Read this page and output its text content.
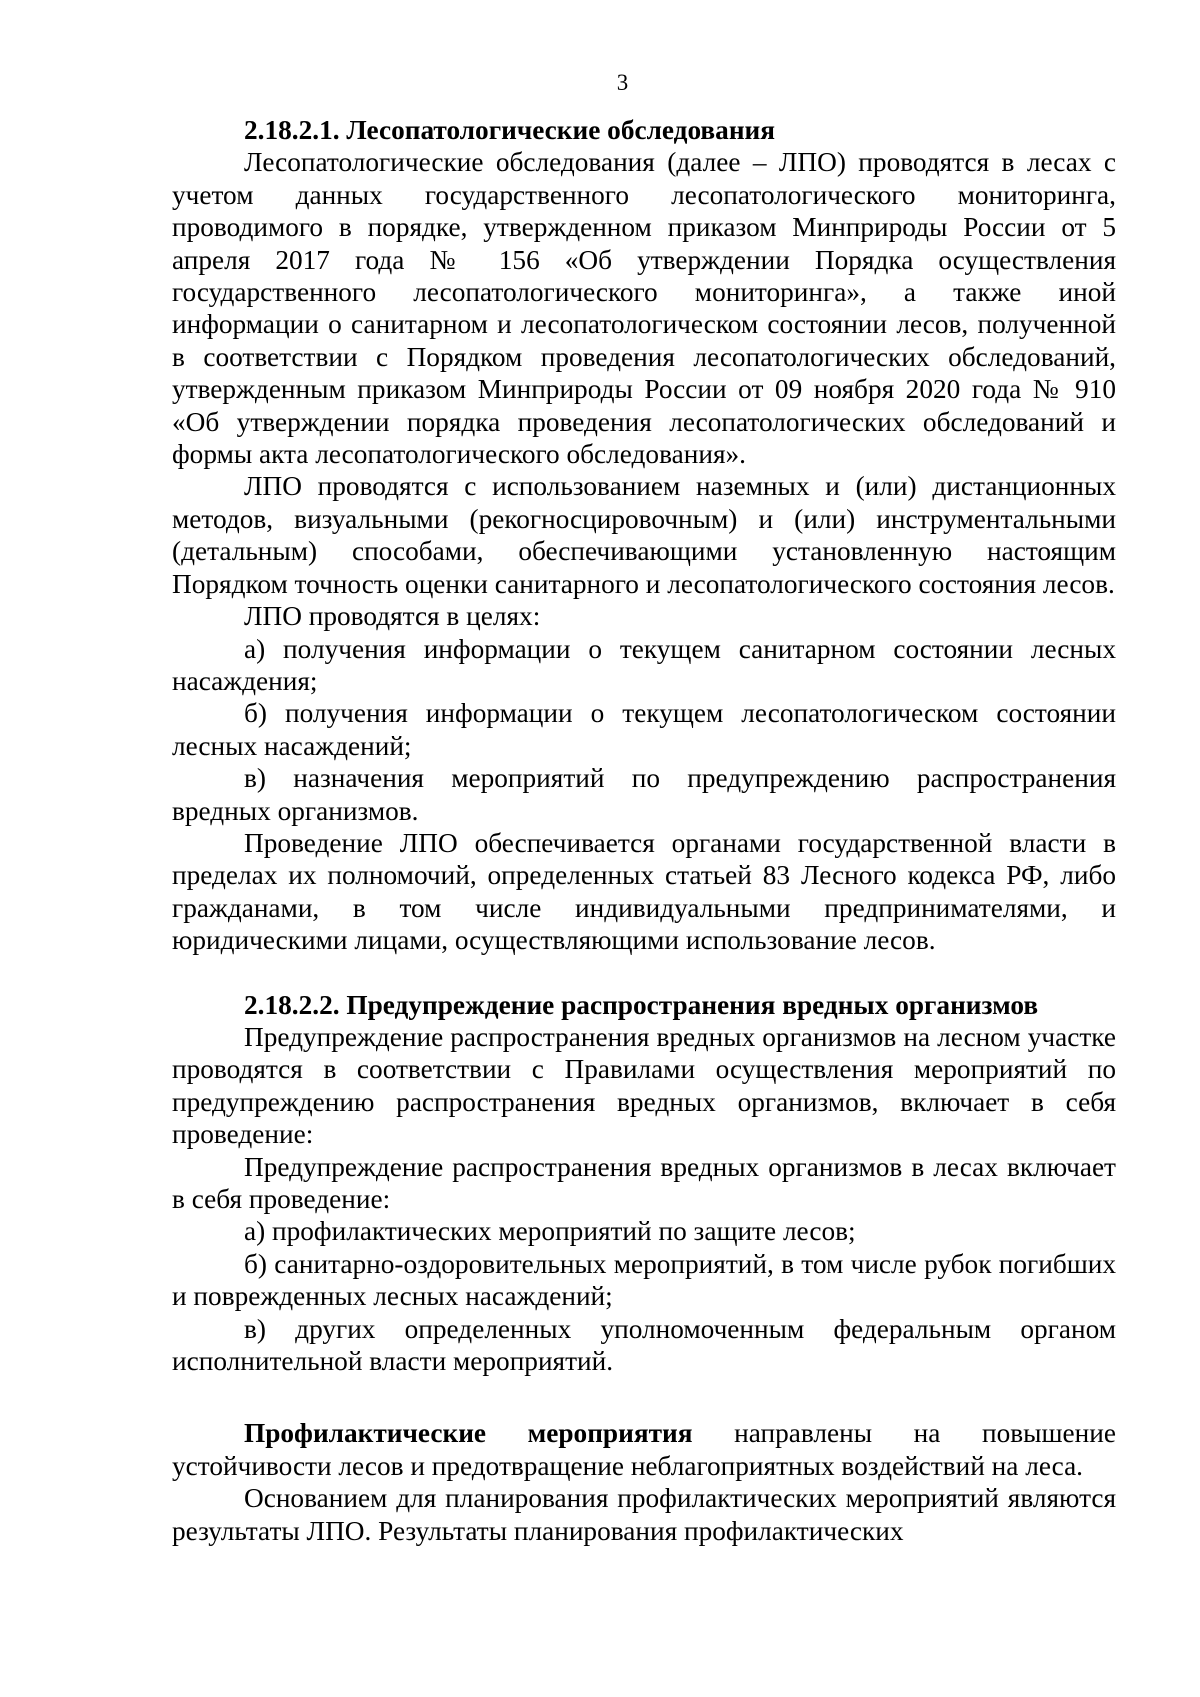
3

2.18.2.1. Лесопатологические обследования

Лесопатологические обследования (далее – ЛПО) проводятся в лесах с учетом данных государственного лесопатологического мониторинга, проводимого в порядке, утвержденном приказом Минприроды России от 5 апреля 2017 года № 156 «Об утверждении Порядка осуществления государственного лесопатологического мониторинга», а также иной информации о санитарном и лесопатологическом состоянии лесов, полученной в соответствии с Порядком проведения лесопатологических обследований, утвержденным приказом Минприроды России от 09 ноября 2020 года № 910 «Об утверждении порядка проведения лесопатологических обследований и формы акта лесопатологического обследования».

ЛПО проводятся с использованием наземных и (или) дистанционных методов, визуальными (рекогносцировочным) и (или) инструментальными (детальным) способами, обеспечивающими установленную настоящим Порядком точность оценки санитарного и лесопатологического состояния лесов.

ЛПО проводятся в целях:

а) получения информации о текущем санитарном состоянии лесных насаждения;

б) получения информации о текущем лесопатологическом состоянии лесных насаждений;

в) назначения мероприятий по предупреждению распространения вредных организмов.

Проведение ЛПО обеспечивается органами государственной власти в пределах их полномочий, определенных статьей 83 Лесного кодекса РФ, либо гражданами, в том числе индивидуальными предпринимателями, и юридическими лицами, осуществляющими использование лесов.

2.18.2.2. Предупреждение распространения вредных организмов

Предупреждение распространения вредных организмов на лесном участке проводятся в соответствии с Правилами осуществления мероприятий по предупреждению распространения вредных организмов, включает в себя проведение:

Предупреждение распространения вредных организмов в лесах включает в себя проведение:

а) профилактических мероприятий по защите лесов;

б) санитарно-оздоровительных мероприятий, в том числе рубок погибших и поврежденных лесных насаждений;

в) других определенных уполномоченным федеральным органом исполнительной власти мероприятий.

Профилактические мероприятия направлены на повышение устойчивости лесов и предотвращение неблагоприятных воздействий на леса.

Основанием для планирования профилактических мероприятий являются результаты ЛПО. Результаты планирования профилактических
